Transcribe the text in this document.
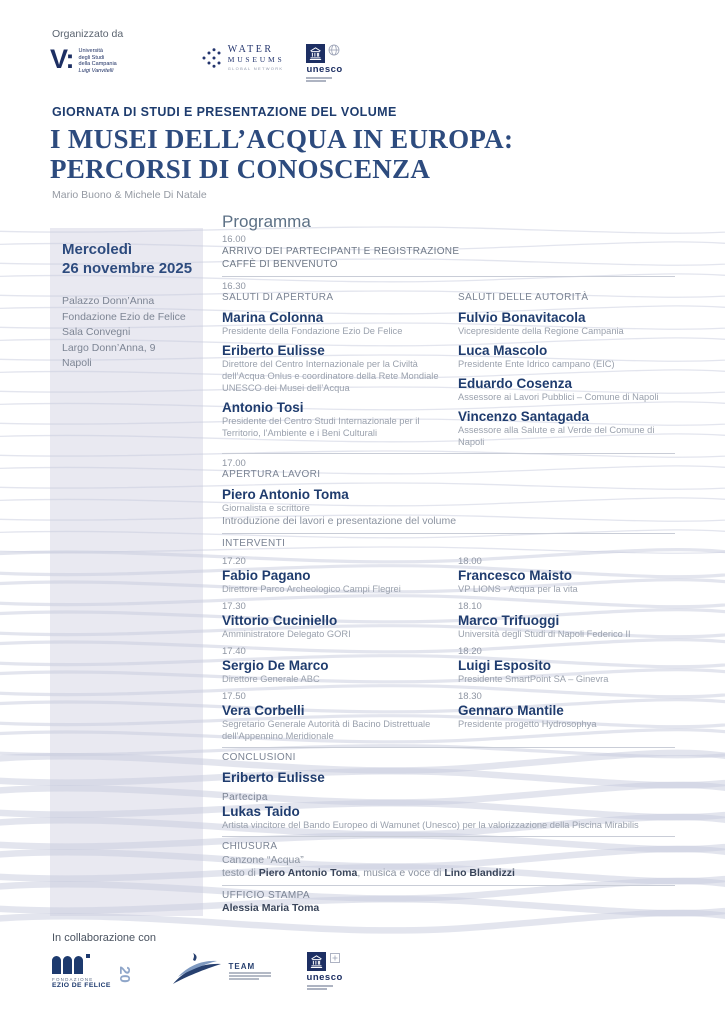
Organizzato da
V: Università
degli Studi
della Campania
Luigi Vanvitelli
WATER
MUSEUMS
GLOBAL NETWORK unesco
GIORNATA DI STUDI E PRESENTAZIONE DEL VOLUME
I MUSEI DELL’ACQUA IN EUROPA:
PERCORSI DI CONOSCENZA
Mario Buono & Michele Di Natale
Mercoledì
26 novembre 2025
Palazzo Donn’Anna
Fondazione Ezio de Felice
Sala Convegni
Largo Donn’Anna, 9
Napoli
Programma
16.00
ARRIVO DEI PARTECIPANTI E REGISTRAZIONE
CAFFÈ DI BENVENUTO
16.30
SALUTI DI APERTURA
Marina Colonna
Presidente della Fondazione Ezio De Felice
Eriberto Eulisse
Direttore del Centro Internazionale per la Civiltà dell’Acqua Onlus e coordinatore della Rete Mondiale UNESCO dei Musei dell’Acqua
Antonio Tosi
Presidente del Centro Studi Internazionale per il Territorio, l’Ambiente e i Beni Culturali
SALUTI DELLE AUTORITÀ
Fulvio Bonavitacola
Vicepresidente della Regione Campania
Luca Mascolo
Presidente Ente Idrico campano (EIC)
Eduardo Cosenza
Assessore ai Lavori Pubblici – Comune di Napoli
Vincenzo Santagada
Assessore alla Salute e al Verde del Comune di Napoli
17.00
APERTURA LAVORI
Piero Antonio Toma
Giornalista e scrittore
Introduzione dei lavori e presentazione del volume
INTERVENTI
17.20
Fabio Pagano
Direttore Parco Archeologico Campi Flegrei
17.30
Vittorio Cuciniello
Amministratore Delegato GORI
17.40
Sergio De Marco
Direttore Generale ABC
17.50
Vera Corbelli
Segretario Generale Autorità di Bacino Distrettuale dell’Appennino Meridionale
18.00
Francesco Maisto
VP LIONS - Acqua per la vita
18.10
Marco Trifuoggi
Università degli Studi di Napoli Federico II
18.20
Luigi Esposito
Presidente SmartPoint SA – Ginevra
18.30
Gennaro Mantile
Presidente progetto Hydrosophya
CONCLUSIONI
Eriberto Eulisse
Partecipa
Lukas Taido
Artista vincitore del Bando Europeo di Wamunet (Unesco) per la valorizzazione della Piscina Mirabilis
CHIUSURA
Canzone “Acqua”
testo di Piero Antonio Toma, musica e voce di Lino Blandizzi
UFFICIO STAMPA
Alessia Maria Toma
In collaborazione con
FONDAZIONE
EZIO DE FELICE
20	TEAM
unesco
